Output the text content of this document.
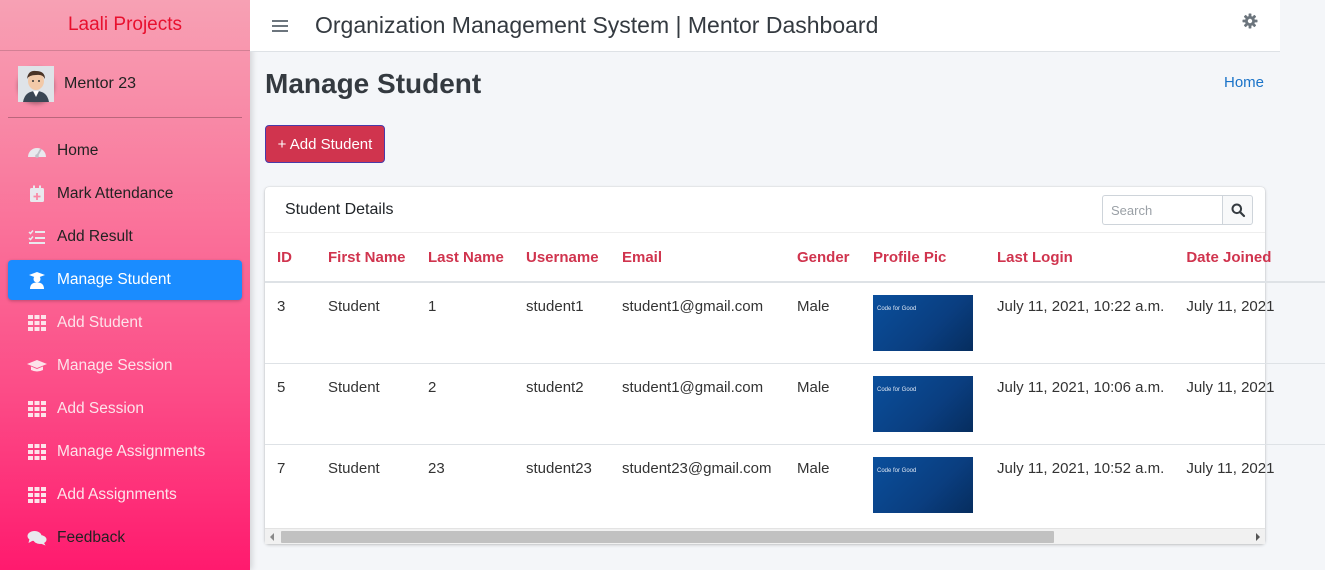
Laali Projects
Mentor 23
Home
Mark Attendance
Add Result
Manage Student
Add Student
Manage Session
Add Session
Manage Assignments
Add Assignments
Feedback
Organization Management System | Mentor Dashboard
Manage Student	Home
+ Add Student
Student Details
Search
ID	First Name	Last Name	Username	Email	Gender	Profile Pic	Last Login	Date Joined
3	Student	1	student1	student1@gmail.com	Male	Code for Good	July 11, 2021, 10:22 a.m.	July 11, 2021
5	Student	2	student2	student1@gmail.com	Male	Code for Good	July 11, 2021, 10:06 a.m.	July 11, 2021
7	Student	23	student23	student23@gmail.com	Male	Code for Good	July 11, 2021, 10:52 a.m.	July 11, 2021
